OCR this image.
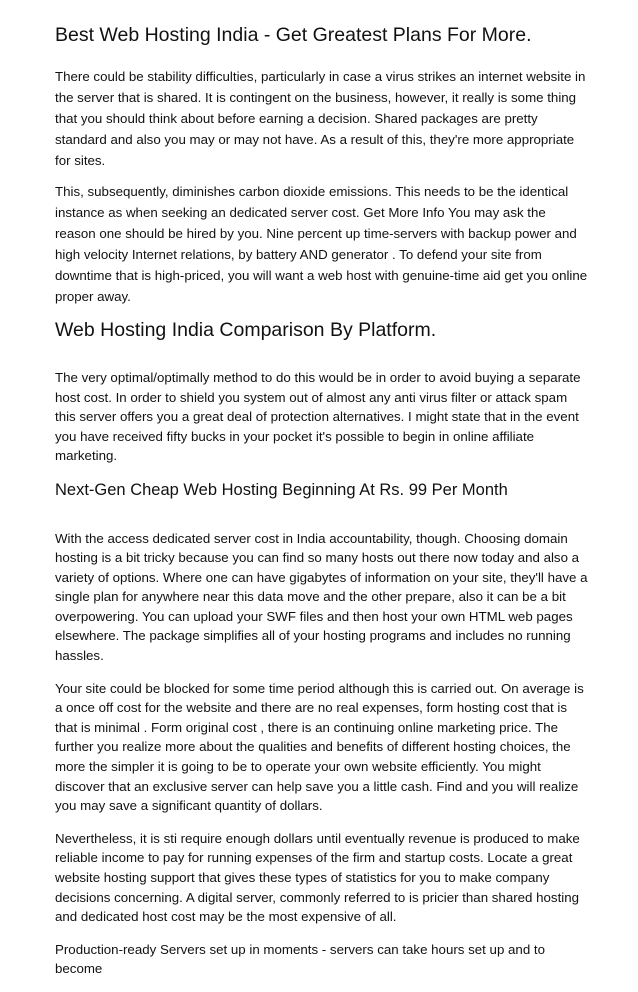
Best Web Hosting India - Get Greatest Plans For More.

There could be stability difficulties, particularly in case a virus strikes an internet website in the server that is shared. It is contingent on the business, however, it really is some thing that you should think about before earning a decision. Shared packages are pretty standard and also you may or may not have. As a result of this, they're more appropriate for sites.

This, subsequently, diminishes carbon dioxide emissions. This needs to be the identical instance as when seeking an dedicated server cost. Get More Info You may ask the reason one should be hired by you. Nine percent up time-servers with backup power and high velocity Internet relations, by battery AND generator . To defend your site from downtime that is high-priced, you will want a web host with genuine-time aid get you online proper away.

Web Hosting India Comparison By Platform.

The very optimal/optimally method to do this would be in order to avoid buying a separate host cost. In order to shield you system out of almost any anti virus filter or attack spam this server offers you a great deal of protection alternatives. I might state that in the event you have received fifty bucks in your pocket it's possible to begin in online affiliate marketing.

Next-Gen Cheap Web Hosting Beginning At Rs. 99 Per Month

With the access dedicated server cost in India accountability, though. Choosing domain hosting is a bit tricky because you can find so many hosts out there now today and also a variety of options. Where one can have gigabytes of information on your site, they'll have a single plan for anywhere near this data move and the other prepare, also it can be a bit overpowering. You can upload your SWF files and then host your own HTML web pages elsewhere. The package simplifies all of your hosting programs and includes no running hassles.

Your site could be blocked for some time period although this is carried out. On average is a once off cost for the website and there are no real expenses, form hosting cost that is that is minimal . Form original cost , there is an continuing online marketing price. The further you realize more about the qualities and benefits of different hosting choices, the more the simpler it is going to be to operate your own website efficiently. You might discover that an exclusive server can help save you a little cash. Find and you will realize you may save a significant quantity of dollars.

Nevertheless, it is sti require enough dollars until eventually revenue is produced to make reliable income to pay for running expenses of the firm and startup costs. Locate a great website hosting support that gives these types of statistics for you to make company decisions concerning. A digital server, commonly referred to is pricier than shared hosting and dedicated host cost may be the most expensive of all.

Production-ready Servers set up in moments - servers can take hours set up and to become
